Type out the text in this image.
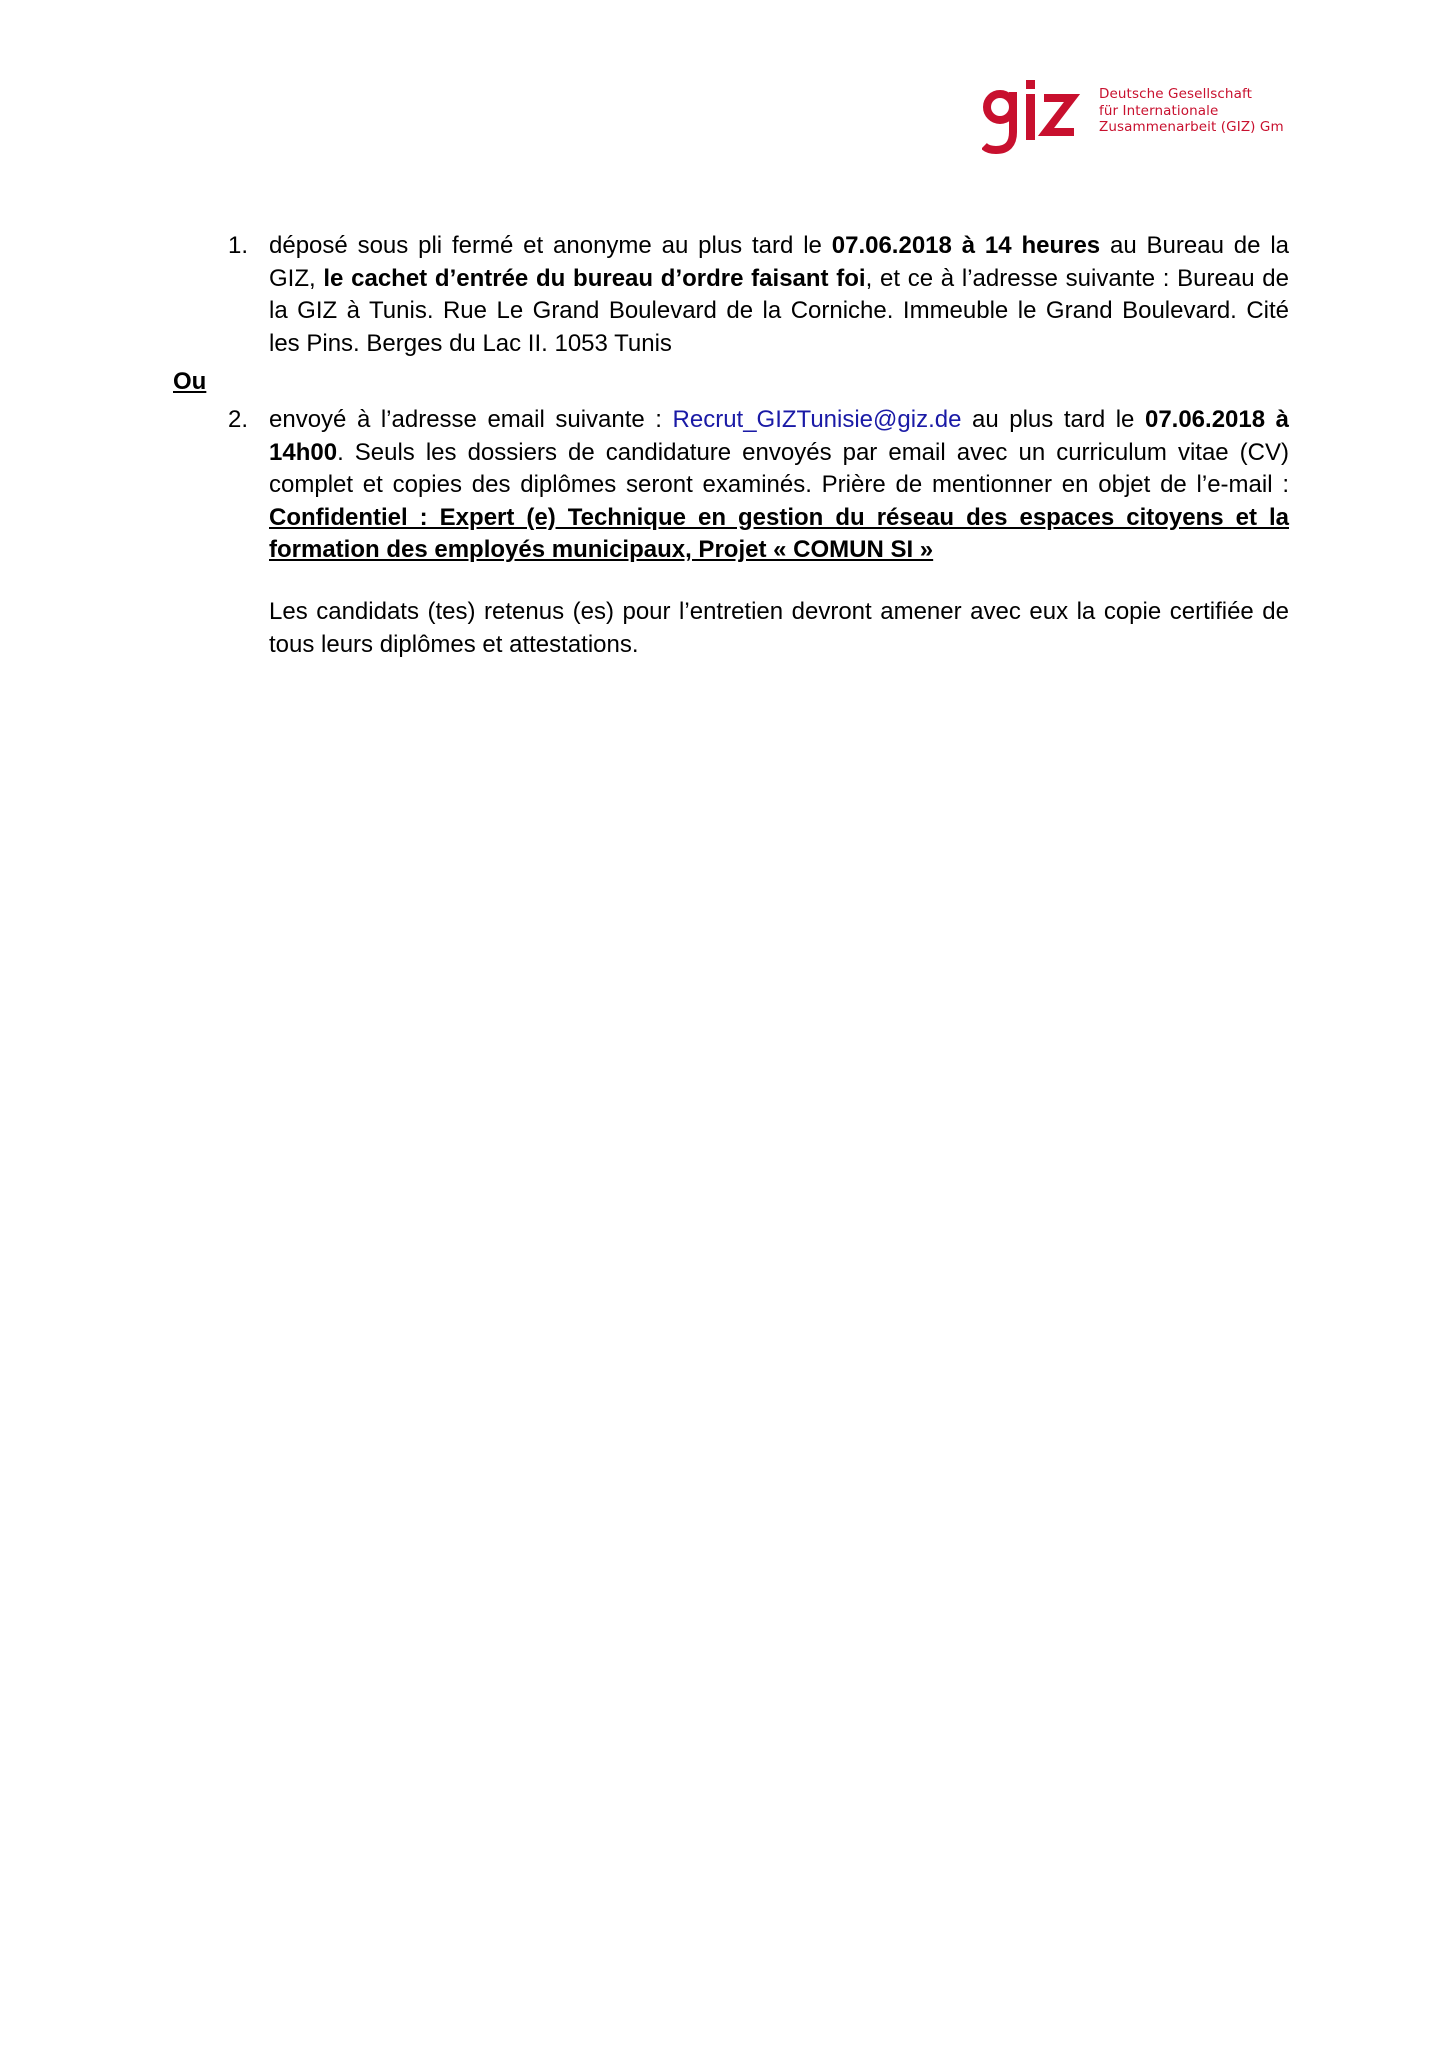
Deutsche Gesellschaft
für Internationale
Zusammenarbeit (GIZ) Gm
1. déposé sous pli fermé et anonyme au plus tard le 07.06.2018 à 14 heures au Bureau de la

GIZ, le cachet d’entrée du bureau d’ordre faisant foi, et ce à l’adresse suivante : Bureau de

la GIZ à Tunis. Rue Le Grand Boulevard de la Corniche. Immeuble le Grand Boulevard. Cité

les Pins. Berges du Lac II. 1053 Tunis

Ou
2. envoyé à l’adresse email suivante : Recrut_GIZTunisie@giz.de au plus tard le 07.06.2018 à

14h00. Seuls les dossiers de candidature envoyés par email avec un curriculum vitae (CV)

complet et copies des diplômes seront examinés. Prière de mentionner en objet de l’e-mail :

Confidentiel : Expert (e) Technique en gestion du réseau des espaces citoyens et la

formation des employés municipaux, Projet « COMUN SI »

Les candidats (tes) retenus (es) pour l’entretien devront amener avec eux la copie certifiée de

tous leurs diplômes et attestations.
